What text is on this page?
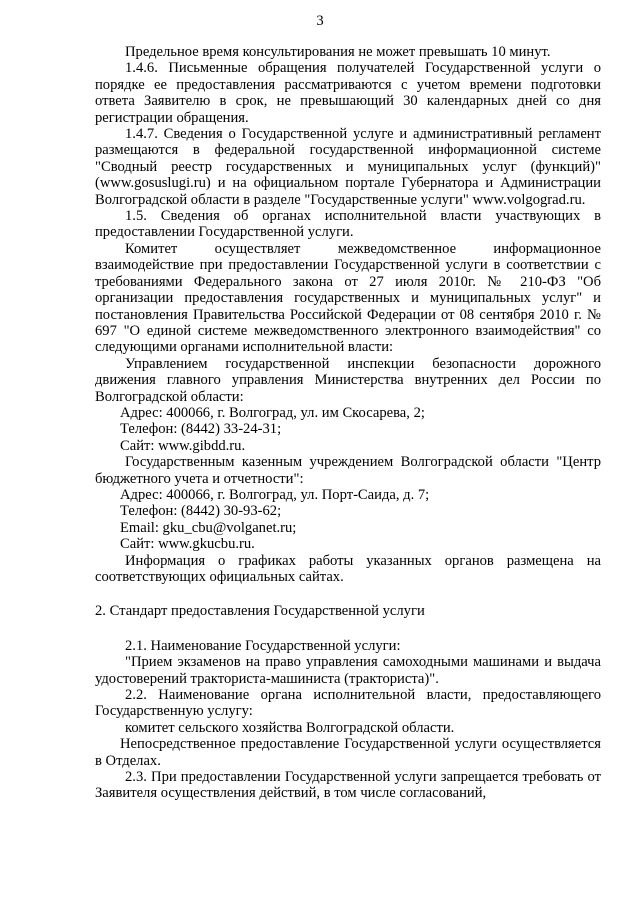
3

Предельное время консультирования не может превышать 10 минут.

1.4.6. Письменные обращения получателей Государственной услуги о порядке ее предоставления рассматриваются с учетом времени подготовки ответа Заявителю в срок, не превышающий 30 календарных дней со дня регистрации обращения.

1.4.7. Сведения о Государственной услуге и административный регламент размещаются в федеральной государственной информационной системе "Сводный реестр государственных и муниципальных услуг (функций)" (www.gosuslugi.ru) и на официальном портале Губернатора и Администрации Волгоградской области в разделе "Государственные услуги" www.volgograd.ru.

1.5. Сведения об органах исполнительной власти участвующих в предоставлении Государственной услуги.

Комитет осуществляет межведомственное информационное взаимодействие при предоставлении Государственной услуги в соответствии с требованиями Федерального закона от 27 июля 2010г. № 210-ФЗ "Об организации предоставления государственных и муниципальных услуг" и постановления Правительства Российской Федерации от 08 сентября 2010 г. № 697 "О единой системе межведомственного электронного взаимодействия" со следующими органами исполнительной власти:

Управлением государственной инспекции безопасности дорожного движения главного управления Министерства внутренних дел России по Волгоградской области:

Адрес: 400066, г. Волгоград, ул. им Скосарева, 2;

Телефон: (8442) 33-24-31;

Сайт: www.gibdd.ru.

Государственным казенным учреждением Волгоградской области "Центр бюджетного учета и отчетности":

Адрес: 400066, г. Волгоград, ул. Порт-Саида, д. 7;

Телефон: (8442) 30-93-62;

Email: gku_cbu@volganet.ru;

Сайт: www.gkucbu.ru.

Информация о графиках работы указанных органов размещена на соответствующих официальных сайтах.

2. Стандарт предоставления Государственной услуги

2.1. Наименование Государственной услуги:

"Прием экзаменов на право управления самоходными машинами и выдача удостоверений тракториста-машиниста (тракториста)".

2.2. Наименование органа исполнительной власти, предоставляющего Государственную услугу:

комитет сельского хозяйства Волгоградской области.

Непосредственное предоставление Государственной услуги осуществляется в Отделах.

2.3. При предоставлении Государственной услуги запрещается требовать от Заявителя осуществления действий, в том числе согласований,
